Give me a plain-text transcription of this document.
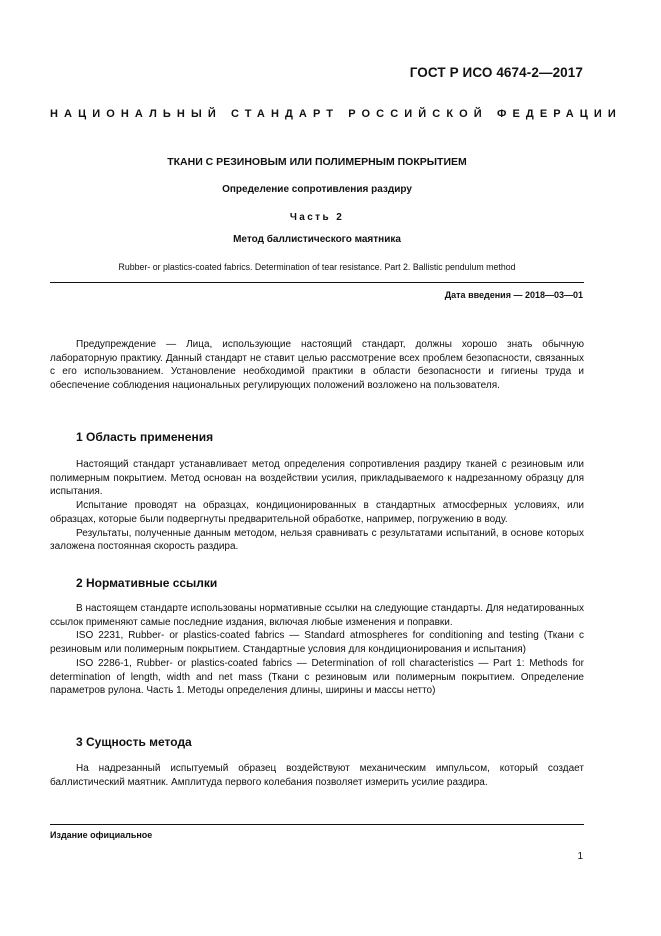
ГОСТ Р ИСО 4674-2—2017
НАЦИОНАЛЬНЫЙ СТАНДАРТ РОССИЙСКОЙ ФЕДЕРАЦИИ
ТКАНИ С РЕЗИНОВЫМ ИЛИ ПОЛИМЕРНЫМ ПОКРЫТИЕМ
Определение сопротивления раздиру
Часть 2
Метод баллистического маятника
Rubber- or plastics-coated fabrics. Determination of tear resistance. Part 2. Ballistic pendulum method
Дата введения — 2018—03—01

Предупреждение — Лица, использующие настоящий стандарт, должны хорошо знать обычную лабораторную практику. Данный стандарт не ставит целью рассмотрение всех проблем безопасности, связанных с его использованием. Установление необходимой практики в области безопасности и гигиены труда и обеспечение соблюдения национальных регулирующих положений возложено на пользователя.

1 Область применения

Настоящий стандарт устанавливает метод определения сопротивления раздиру тканей с резиновым или полимерным покрытием. Метод основан на воздействии усилия, прикладываемого к надрезанному образцу для испытания.

Испытание проводят на образцах, кондиционированных в стандартных атмосферных условиях, или образцах, которые были подвергнуты предварительной обработке, например, погружению в воду.

Результаты, полученные данным методом, нельзя сравнивать с результатами испытаний, в основе которых заложена постоянная скорость раздира.

2 Нормативные ссылки

В настоящем стандарте использованы нормативные ссылки на следующие стандарты. Для недатированных ссылок применяют самые последние издания, включая любые изменения и поправки.

ISO 2231, Rubber- or plastics-coated fabrics — Standard atmospheres for conditioning and testing (Ткани с резиновым или полимерным покрытием. Стандартные условия для кондиционирования и испытания)

ISO 2286-1, Rubber- or plastics-coated fabrics — Determination of roll characteristics — Part 1: Methods for determination of length, width and net mass (Ткани с резиновым или полимерным покрытием. Определение параметров рулона. Часть 1. Методы определения длины, ширины и массы нетто)

3 Сущность метода

На надрезанный испытуемый образец воздействуют механическим импульсом, который создает баллистический маятник. Амплитуда первого колебания позволяет измерить усилие раздира.

Издание официальное
1
